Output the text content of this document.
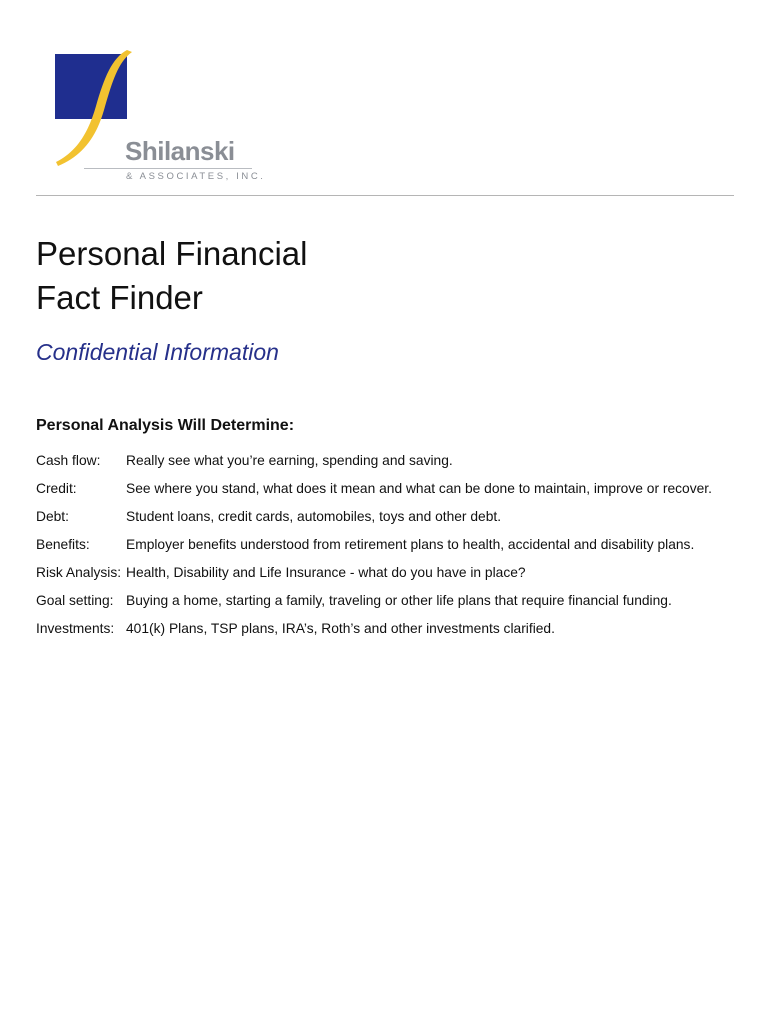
Shilanski
& ASSOCIATES, INC.
Personal Financial
Fact Finder

Confidential Information

Personal Analysis Will Determine:
Cash flow: Really see what you’re earning, spending and saving.
Credit:	See where you stand, what does it mean and what can be done to maintain, improve or recover.
Debt:	Student loans, credit cards, automobiles, toys and other debt.
Benefits:	Employer benefits understood from retirement plans to health, accidental and disability plans.
Risk Analysis: Health, Disability and Life Insurance - what do you have in place?
Goal setting: Buying a home, starting a family, traveling or other life plans that require financial funding.
Investments: 401(k) Plans, TSP plans, IRA’s, Roth’s and other investments clarified.
